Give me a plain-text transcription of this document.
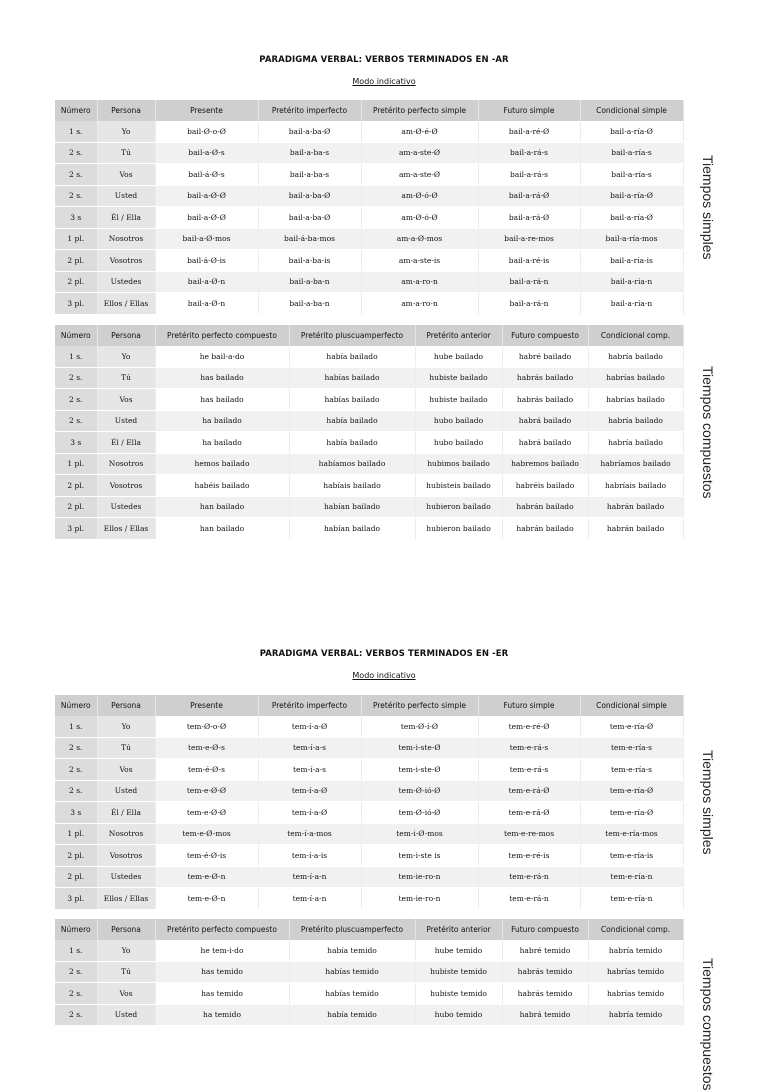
PARADIGMA VERBAL: VERBOS TERMINADOS EN -AR
Modo indicativo
Número	Persona	Presente	Pretérito imperfecto	Pretérito perfecto simple	Futuro simple	Condicional simple
1 s.	Yo	bail-Ø-o-Ø	bail-a-ba-Ø	am-Ø-é-Ø	bail-a-ré-Ø	bail-a-ría-Ø
2 s.	Tú	bail-a-Ø-s	bail-a-ba-s	am-a-ste-Ø	bail-a-rá-s	bail-a-ría-s
2 s.	Vos	bail-á-Ø-s	bail-a-ba-s	am-a-ste-Ø	bail-a-rá-s	bail-a-ría-s
2 s.	Usted	bail-a-Ø-Ø	bail-a-ba-Ø	am-Ø-ó-Ø	bail-a-rá-Ø	bail-a-ría-Ø
3 s	Él / Ella	bail-a-Ø-Ø	bail-a-ba-Ø	am-Ø-ó-Ø	bail-a-rá-Ø	bail-a-ría-Ø
1 pl.	Nosotros	bail-a-Ø-mos	bail-á-ba-mos	am-a-Ø-mos	bail-a-re-mos	bail-a-ría-mos
2 pl.	Vosotros	bail-á-Ø-is	bail-a-ba-is	am-a-ste-is	bail-a-ré-is	bail-a-ría-is
2 pl.	Ustedes	bail-a-Ø-n	bail-a-ba-n	am-a-ro-n	bail-a-rá-n	bail-a-ría-n
3 pl.	Ellos / Ellas	bail-a-Ø-n	bail-a-ba-n	am-a-ro-n	bail-a-rá-n	bail-a-ría-n
Tiempos simples
Número	Persona	Pretérito perfecto compuesto	Pretérito pluscuamperfecto	Pretérito anterior	Futuro compuesto	Condicional comp.
1 s.	Yo	he bail-a-do	había bailado	hube bailado	habré bailado	habría bailado
2 s.	Tú	has bailado	habías bailado	hubiste bailado	habrás bailado	habrías bailado
2 s.	Vos	has bailado	habías bailado	hubiste bailado	habrás bailado	habrías bailado
2 s.	Usted	ha bailado	había bailado	hubo bailado	habrá bailado	habría bailado
3 s	Él / Ella	ha bailado	había bailado	hubo bailado	habrá bailado	habría bailado
1 pl.	Nosotros	hemos bailado	habíamos bailado	hubimos bailado	habremos bailado	habríamos bailado
2 pl.	Vosotros	habéis bailado	habíais bailado	hubisteis bailado	habréis bailado	habríais bailado
2 pl.	Ustedes	han bailado	habían bailado	hubieron bailado	habrán bailado	habrán bailado
3 pl.	Ellos / Ellas	han bailado	habían bailado	hubieron bailado	habrán bailado	habrán bailado
Tiempos compuestos
PARADIGMA VERBAL: VERBOS TERMINADOS EN -ER
Modo indicativo
Número	Persona	Presente	Pretérito imperfecto	Pretérito perfecto simple	Futuro simple	Condicional simple
1 s.	Yo	tem-Ø-o-Ø	tem-í-a-Ø	tem-Ø-í-Ø	tem-e-ré-Ø	tem-e-ría-Ø
2 s.	Tú	tem-e-Ø-s	tem-í-a-s	tem-i-ste-Ø	tem-e-rá-s	tem-e-ría-s
2 s.	Vos	tem-é-Ø-s	tem-í-a-s	tem-i-ste-Ø	tem-e-rá-s	tem-e-ría-s
2 s.	Usted	tem-e-Ø-Ø	tem-í-a-Ø	tem-Ø-ió-Ø	tem-e-rá-Ø	tem-e-ría-Ø
3 s	Él / Ella	tem-e-Ø-Ø	tem-í-a-Ø	tem-Ø-ió-Ø	tem-e-rá-Ø	tem-e-ría-Ø
1 pl.	Nosotros	tem-e-Ø-mos	tem-í-a-mos	tem-i-Ø-mos	tem-e-re-mos	tem-e-ría-mos
2 pl.	Vosotros	tem-é-Ø-is	tem-í-a-is	tem-i-ste is	tem-e-ré-is	tem-e-ría-is
2 pl.	Ustedes	tem-e-Ø-n	tem-í-a-n	tem-ie-ro-n	tem-e-rá-n	tem-e-ría-n
3 pl.	Ellos / Ellas	tem-e-Ø-n	tem-í-a-n	tem-ie-ro-n	tem-e-rá-n	tem-e-ría-n
Tiempos simples
Número	Persona	Pretérito perfecto compuesto	Pretérito pluscuamperfecto	Pretérito anterior	Futuro compuesto	Condicional comp.
1 s.	Yo	he tem-i-do	había temido	hube temido	habré temido	habría temido
2 s.	Tú	has temido	habías temido	hubiste temido	habrás temido	habrías temido
2 s.	Vos	has temido	habías temido	hubiste temido	habrás temido	habrías temido
2 s.	Usted	ha temido	había temido	hubo temido	habrá temido	habría temido	Tiempos compuestos
